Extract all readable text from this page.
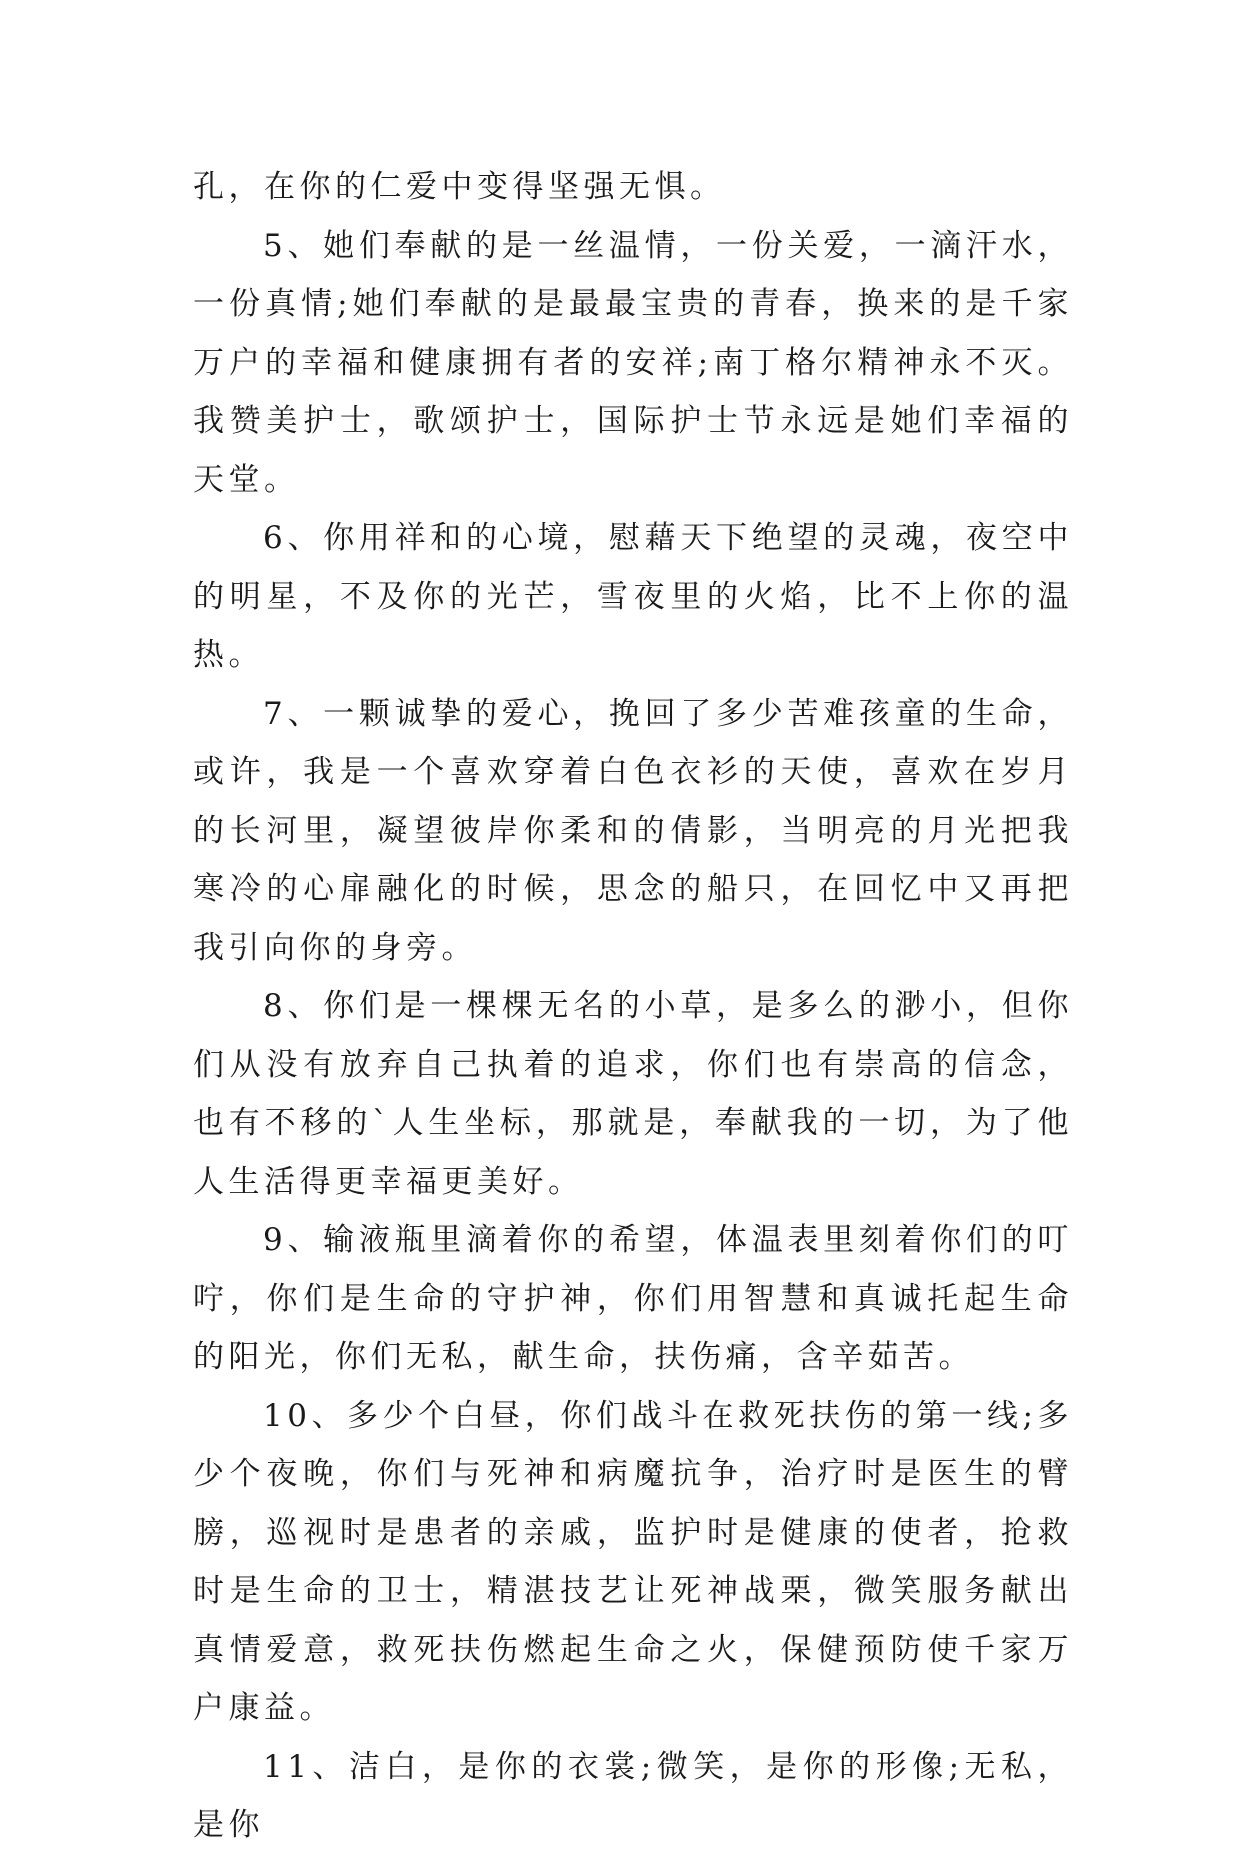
孔，在你的仁爱中变得坚强无惧。

5、她们奉献的是一丝温情，一份关爱，一滴汗水，一份真情;她们奉献的是最最宝贵的青春，换来的是千家万户的幸福和健康拥有者的安祥;南丁格尔精神永不灭。我赞美护士，歌颂护士，国际护士节永远是她们幸福的天堂。

6、你用祥和的心境，慰藉天下绝望的灵魂，夜空中的明星，不及你的光芒，雪夜里的火焰，比不上你的温热。

7、一颗诚挚的爱心，挽回了多少苦难孩童的生命，或许，我是一个喜欢穿着白色衣衫的天使，喜欢在岁月的长河里，凝望彼岸你柔和的倩影，当明亮的月光把我寒冷的心扉融化的时候，思念的船只，在回忆中又再把我引向你的身旁。

8、你们是一棵棵无名的小草，是多么的渺小，但你们从没有放弃自己执着的追求，你们也有崇高的信念，也有不移的`人生坐标，那就是，奉献我的一切，为了他人生活得更幸福更美好。

9、输液瓶里滴着你的希望，体温表里刻着你们的叮咛，你们是生命的守护神，你们用智慧和真诚托起生命的阳光，你们无私，献生命，扶伤痛，含辛茹苦。

10、多少个白昼，你们战斗在救死扶伤的第一线;多少个夜晚，你们与死神和病魔抗争，治疗时是医生的臂膀，巡视时是患者的亲戚，监护时是健康的使者，抢救时是生命的卫士，精湛技艺让死神战栗，微笑服务献出真情爱意，救死扶伤燃起生命之火，保健预防使千家万户康益。

11、洁白，是你的衣裳;微笑，是你的形像;无私，是你
